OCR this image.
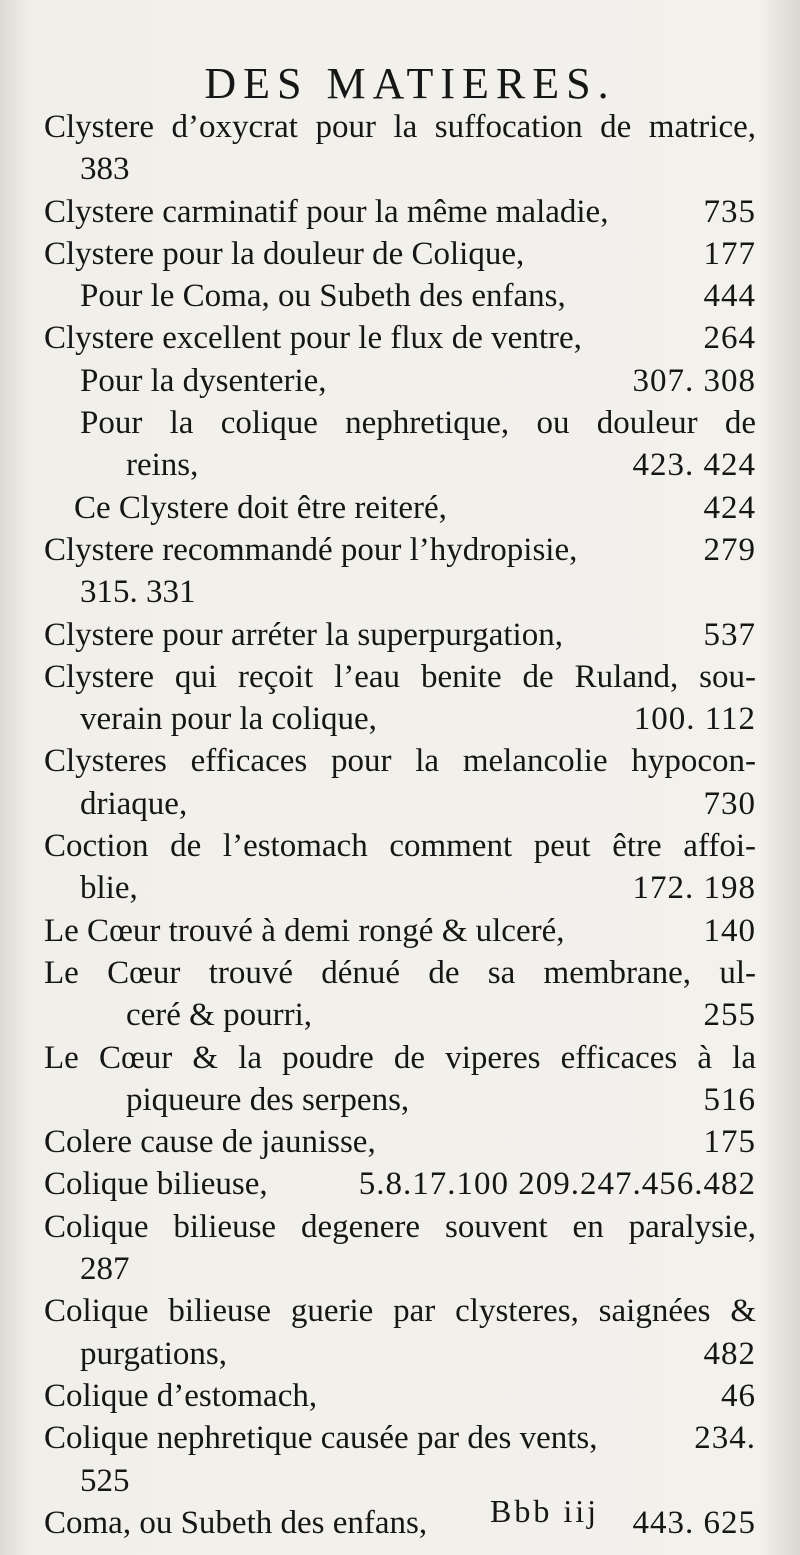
DES MATIERES.
Clystere d’oxycrat pour la suffocation de matrice,
383
Clystere carminatif pour la même maladie,	735
Clystere pour la douleur de Colique,	177
Pour le Coma, ou Subeth des enfans,	444
Clystere excellent pour le flux de ventre,	264
Pour la dysenterie,	307. 308
Pour la colique nephretique, ou douleur de
reins,	423. 424
Ce Clystere doit être reiteré,	424
Clystere recommandé pour l’hydropisie,	279
315. 331
Clystere pour arréter la superpurgation,	537
Clystere qui reçoit l’eau benite de Ruland, sou-
verain pour la colique,	100. 112
Clysteres efficaces pour la melancolie hypocon-
driaque,	730
Coction de l’estomach comment peut être affoi-
blie,	172. 198
Le Cœur trouvé à demi rongé & ulceré,	140
Le Cœur trouvé dénué de sa membrane, ul-
ceré & pourri,	255
Le Cœur & la poudre de viperes efficaces à la
piqueure des serpens,	516
Colere cause de jaunisse,	175
Colique bilieuse,	5.8.17.100 209.247.456.482
Colique bilieuse degenere souvent en paralysie,
287
Colique bilieuse guerie par clysteres, saignées &
purgations,	482
Colique d’estomach,	46
Colique nephretique causée par des vents,	234.
525
Coma, ou Subeth des enfans,	443. 625
Bbb iij
